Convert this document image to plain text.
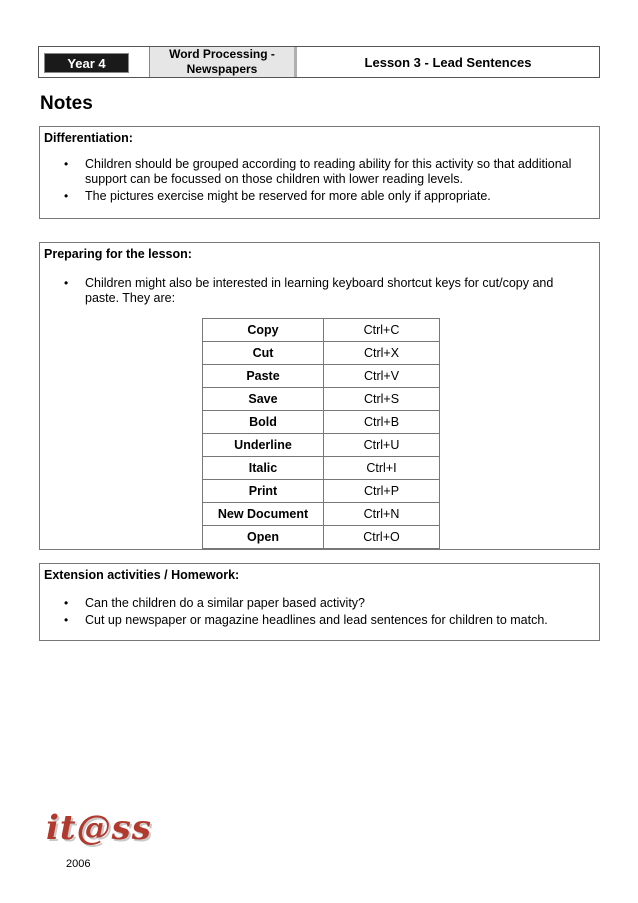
Year 4
Word Processing -
Newspapers	Lesson 3 - Lead Sentences
Notes
Differentiation:
• Children should be grouped according to reading ability for this activity so that additional
support can be focussed on those children with lower reading levels.
• The pictures exercise might be reserved for more able only if appropriate.
Preparing for the lesson:
• Children might also be interested in learning keyboard shortcut keys for cut/copy and
paste. They are:
Copy	Ctrl+C
Cut	Ctrl+X
Paste	Ctrl+V
Save	Ctrl+S
Bold	Ctrl+B
Underline	Ctrl+U
Italic	Ctrl+I
Print	Ctrl+P
New Document	Ctrl+N
Open	Ctrl+O
Extension activities / Homework:
• Can the children do a similar paper based activity?
• Cut up newspaper or magazine headlines and lead sentences for children to match.
it@ss
2006
